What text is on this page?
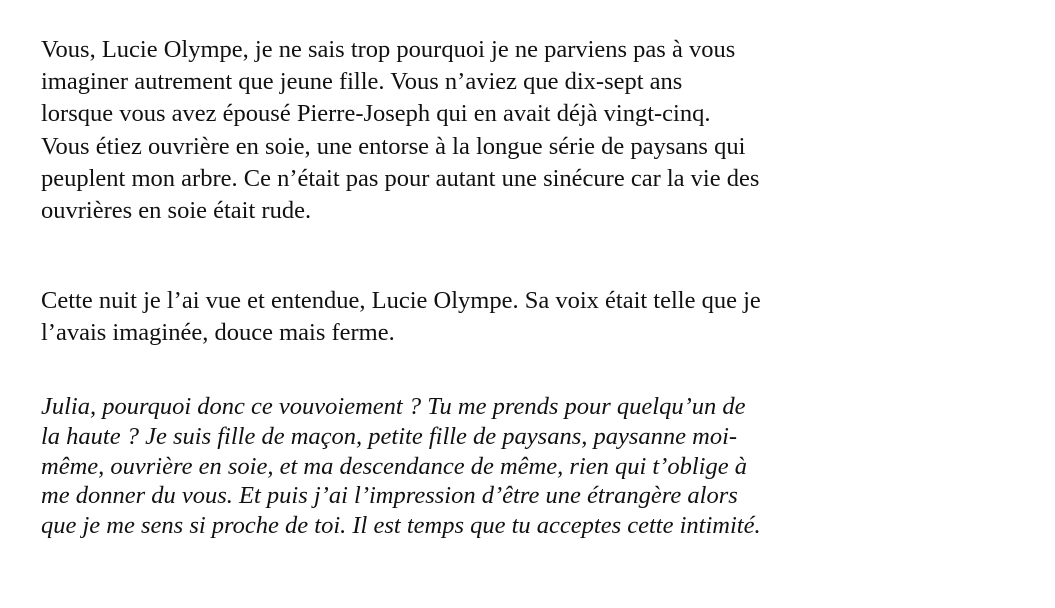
Vous, Lucie Olympe, je ne sais trop pourquoi je ne parviens pas à vous
imaginer autrement que jeune fille. Vous n’aviez que dix-sept ans
lorsque vous avez épousé Pierre-Joseph qui en avait déjà vingt-cinq.
Vous étiez ouvrière en soie, une entorse à la longue série de paysans qui
peuplent mon arbre. Ce n’était pas pour autant une sinécure car la vie des
ouvrières en soie était rude.

Cette nuit je l’ai vue et entendue, Lucie Olympe. Sa voix était telle que je
l’avais imaginée, douce mais ferme.

Julia, pourquoi donc ce vouvoiement ? Tu me prends pour quelqu’un de
la haute ? Je suis fille de maçon, petite fille de paysans, paysanne moi-
même, ouvrière en soie, et ma descendance de même, rien qui t’oblige à
me donner du vous. Et puis j’ai l’impression d’être une étrangère alors
que je me sens si proche de toi. Il est temps que tu acceptes cette intimité.
